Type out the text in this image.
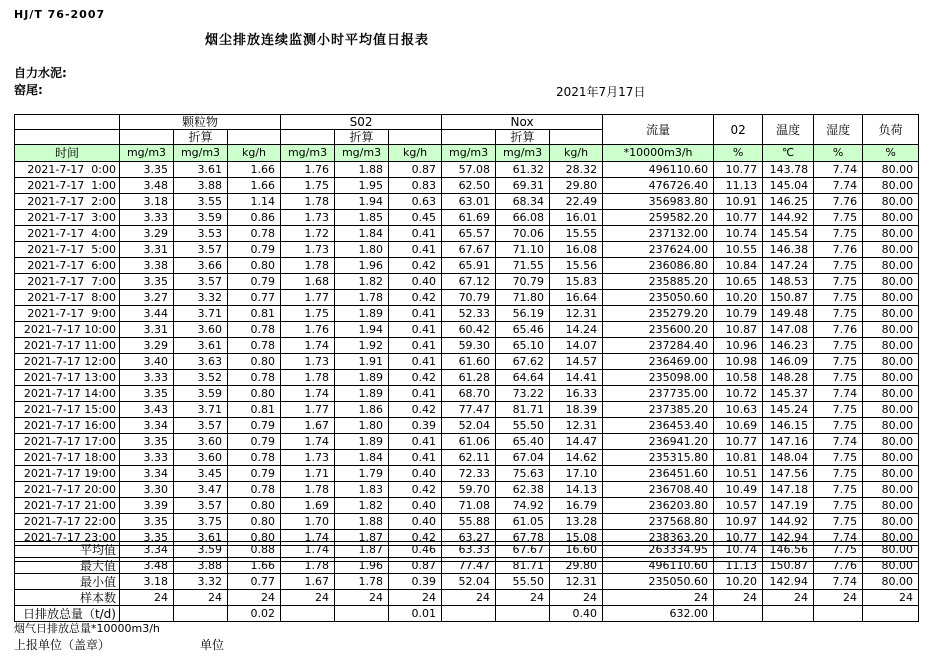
HJ/T 76-2007
烟尘排放连续监测小时平均值日报表
自力水泥:
窑尾:	2021年7月17日
	颗粒物			S02			Nox			流量	02	温度	湿度	负荷
		折算			折算			折算						
时间	mg/m3	mg/m3	kg/h	mg/m3	mg/m3	kg/h	mg/m3	mg/m3	kg/h	*10000m3/h	%	℃	%	%
2021-7-17  0:00	3.35	3.61	1.66	1.76	1.88	0.87	57.08	61.32	28.32	496110.60	10.77	143.78	7.74	80.00
2021-7-17  1:00	3.48	3.88	1.66	1.75	1.95	0.83	62.50	69.31	29.80	476726.40	11.13	145.04	7.74	80.00
2021-7-17  2:00	3.18	3.55	1.14	1.78	1.94	0.63	63.01	68.34	22.49	356983.80	10.91	146.25	7.76	80.00
2021-7-17  3:00	3.33	3.59	0.86	1.73	1.85	0.45	61.69	66.08	16.01	259582.20	10.77	144.92	7.75	80.00
2021-7-17  4:00	3.29	3.53	0.78	1.72	1.84	0.41	65.57	70.06	15.55	237132.00	10.74	145.54	7.75	80.00
2021-7-17  5:00	3.31	3.57	0.79	1.73	1.80	0.41	67.67	71.10	16.08	237624.00	10.55	146.38	7.76	80.00
2021-7-17  6:00	3.38	3.66	0.80	1.78	1.96	0.42	65.91	71.55	15.56	236086.80	10.84	147.24	7.75	80.00
2021-7-17  7:00	3.35	3.57	0.79	1.68	1.82	0.40	67.12	70.79	15.83	235885.20	10.65	148.53	7.75	80.00
2021-7-17  8:00	3.27	3.32	0.77	1.77	1.78	0.42	70.79	71.80	16.64	235050.60	10.20	150.87	7.75	80.00
2021-7-17  9:00	3.44	3.71	0.81	1.75	1.89	0.41	52.33	56.19	12.31	235279.20	10.79	149.48	7.75	80.00
2021-7-17 10:00	3.31	3.60	0.78	1.76	1.94	0.41	60.42	65.46	14.24	235600.20	10.87	147.08	7.76	80.00
2021-7-17 11:00	3.29	3.61	0.78	1.74	1.92	0.41	59.30	65.10	14.07	237284.40	10.96	146.23	7.75	80.00
2021-7-17 12:00	3.40	3.63	0.80	1.73	1.91	0.41	61.60	67.62	14.57	236469.00	10.98	146.09	7.75	80.00
2021-7-17 13:00	3.33	3.52	0.78	1.78	1.89	0.42	61.28	64.64	14.41	235098.00	10.58	148.28	7.75	80.00
2021-7-17 14:00	3.35	3.59	0.80	1.74	1.89	0.41	68.70	73.22	16.33	237735.00	10.72	145.37	7.74	80.00
2021-7-17 15:00	3.43	3.71	0.81	1.77	1.86	0.42	77.47	81.71	18.39	237385.20	10.63	145.24	7.75	80.00
2021-7-17 16:00	3.34	3.57	0.79	1.67	1.80	0.39	52.04	55.50	12.31	236453.40	10.69	146.15	7.75	80.00
2021-7-17 17:00	3.35	3.60	0.79	1.74	1.89	0.41	61.06	65.40	14.47	236941.20	10.77	147.16	7.74	80.00
2021-7-17 18:00	3.33	3.60	0.78	1.73	1.84	0.41	62.11	67.04	14.62	235315.80	10.81	148.04	7.75	80.00
2021-7-17 19:00	3.34	3.45	0.79	1.71	1.79	0.40	72.33	75.63	17.10	236451.60	10.51	147.56	7.75	80.00
2021-7-17 20:00	3.30	3.47	0.78	1.78	1.83	0.42	59.70	62.38	14.13	236708.40	10.49	147.18	7.75	80.00
2021-7-17 21:00	3.39	3.57	0.80	1.69	1.82	0.40	71.08	74.92	16.79	236203.80	10.57	147.19	7.75	80.00
2021-7-17 22:00	3.35	3.75	0.80	1.70	1.88	0.40	55.88	61.05	13.28	237568.80	10.97	144.92	7.75	80.00
2021-7-17 23:00	3.35	3.61	0.80	1.74	1.87	0.42	63.27	67.78	15.08	238363.20	10.77	142.94	7.74	80.00

平均值	3.34	3.59	0.88	1.74	1.87	0.46	63.33	67.67	16.60	263334.95	10.74	146.56	7.75	80.00
最大值	3.48	3.88	1.66	1.78	1.96	0.87	77.47	81.71	29.80	496110.60	11.13	150.87	7.76	80.00
最小值	3.18	3.32	0.77	1.67	1.78	0.39	52.04	55.50	12.31	235050.60	10.20	142.94	7.74	80.00
样本数	24	24	24	24	24	24	24	24	24	24	24	24	24	24
日排放总量（t/d)			0.02			0.01			0.40	632.00				
烟气日排放总量*10000m3/h
上报单位（盖章）	单位
